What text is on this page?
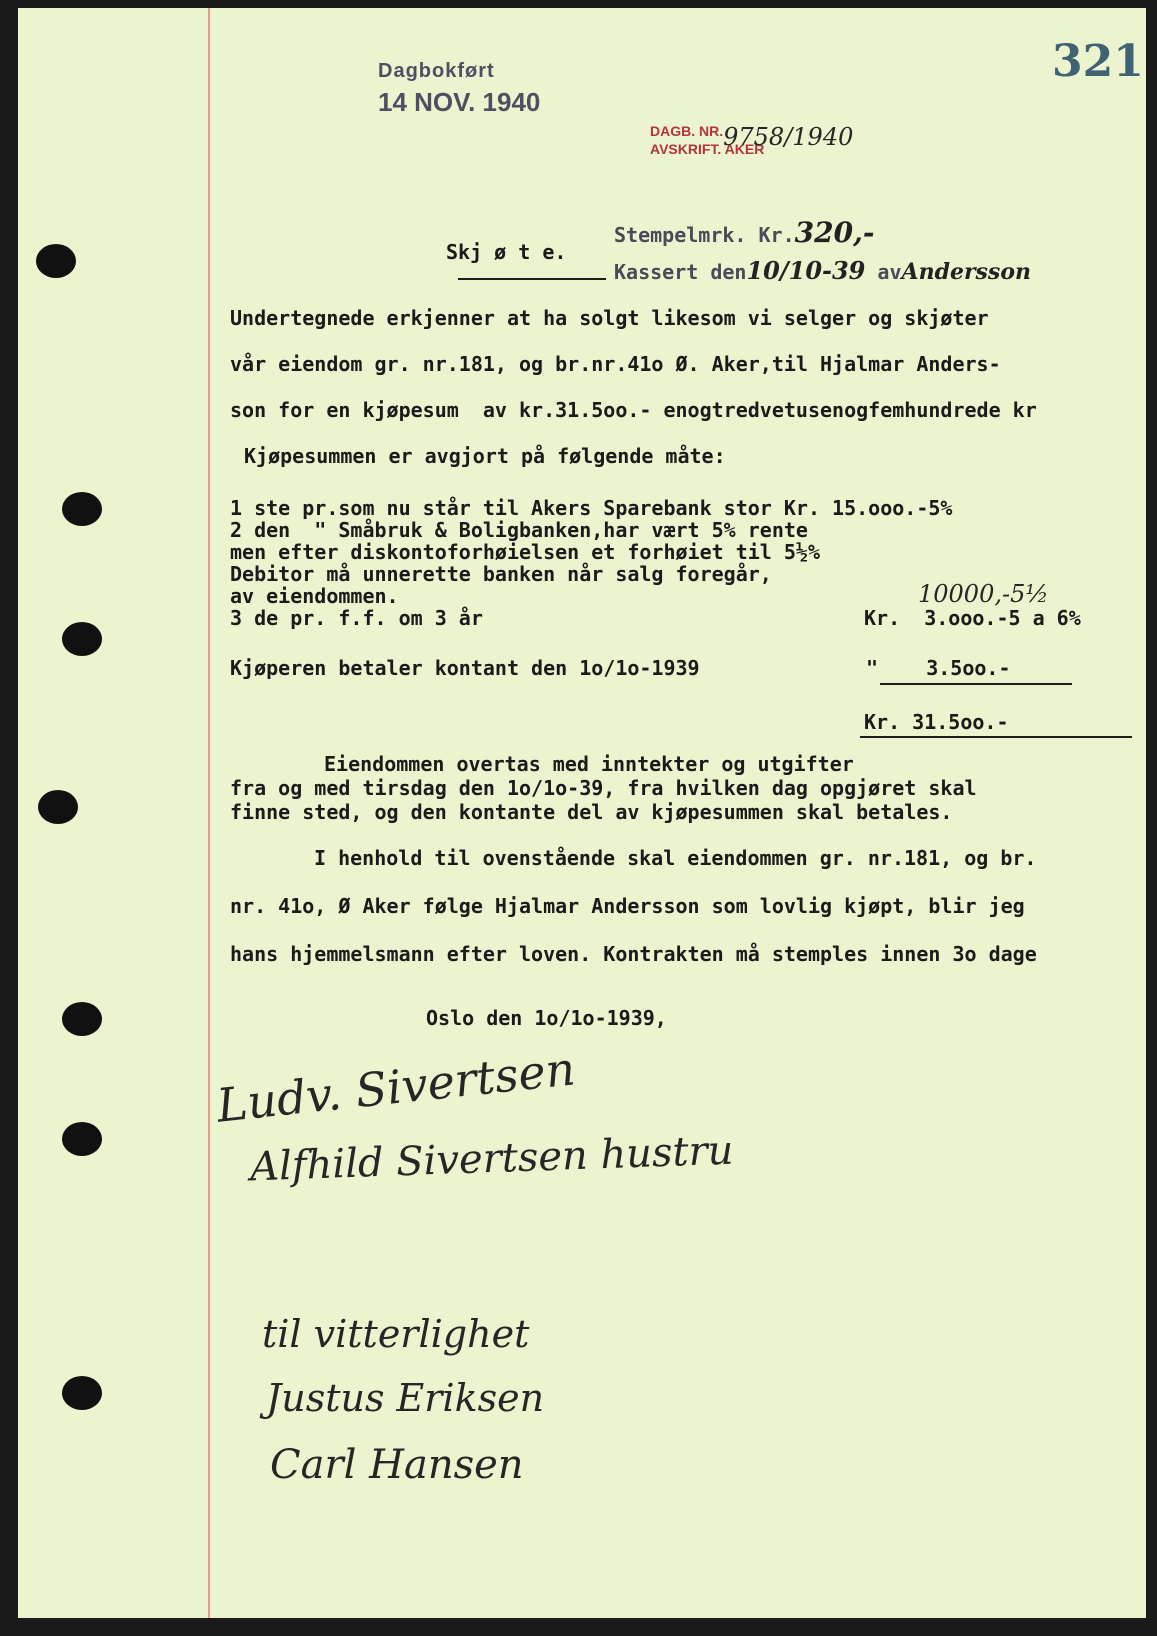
Dagbokført
14 NOV. 1940
DAGB. NR. 9758/1940
AVSKRIFT. AKER
321
Skj ø t e.
Stempelmrk. Kr.320,-
Kassert den10/10-39 avAndersson
Undertegnede erkjenner at ha solgt likesom vi selger og skjøter
vår eiendom gr. nr.181, og br.nr.41o Ø. Aker,til Hjalmar Anders-
son for en kjøpesum  av kr.31.5oo.- enogtredvetusenogfemhundrede kr
Kjøpesummen er avgjort på følgende måte:
1 ste pr.som nu står til Akers Sparebank stor Kr. 15.ooo.-5%
2 den  " Småbruk & Boligbanken,har vært 5% rente
men efter diskontoforhøielsen et forhøiet til 5½%
Debitor må unnerette banken når salg foregår,
av eiendommen.	10000,-5½
3 de pr. f.f. om 3 år	Kr.  3.ooo.-5 a 6%
Kjøperen betaler kontant den 1o/1o-1939	"    3.5oo.-
Kr. 31.5oo.-
Eiendommen overtas med inntekter og utgifter
fra og med tirsdag den 1o/1o-39, fra hvilken dag opgjøret skal
finne sted, og den kontante del av kjøpesummen skal betales.
I henhold til ovenstående skal eiendommen gr. nr.181, og br.
nr. 41o, Ø Aker følge Hjalmar Andersson som lovlig kjøpt, blir jeg
hans hjemmelsmann efter loven. Kontrakten må stemples innen 3o dage
Oslo den 1o/1o-1939,
Ludv. Sivertsen
Alfhild Sivertsen hustru
til vitterlighet
Justus Eriksen
Carl Hansen
